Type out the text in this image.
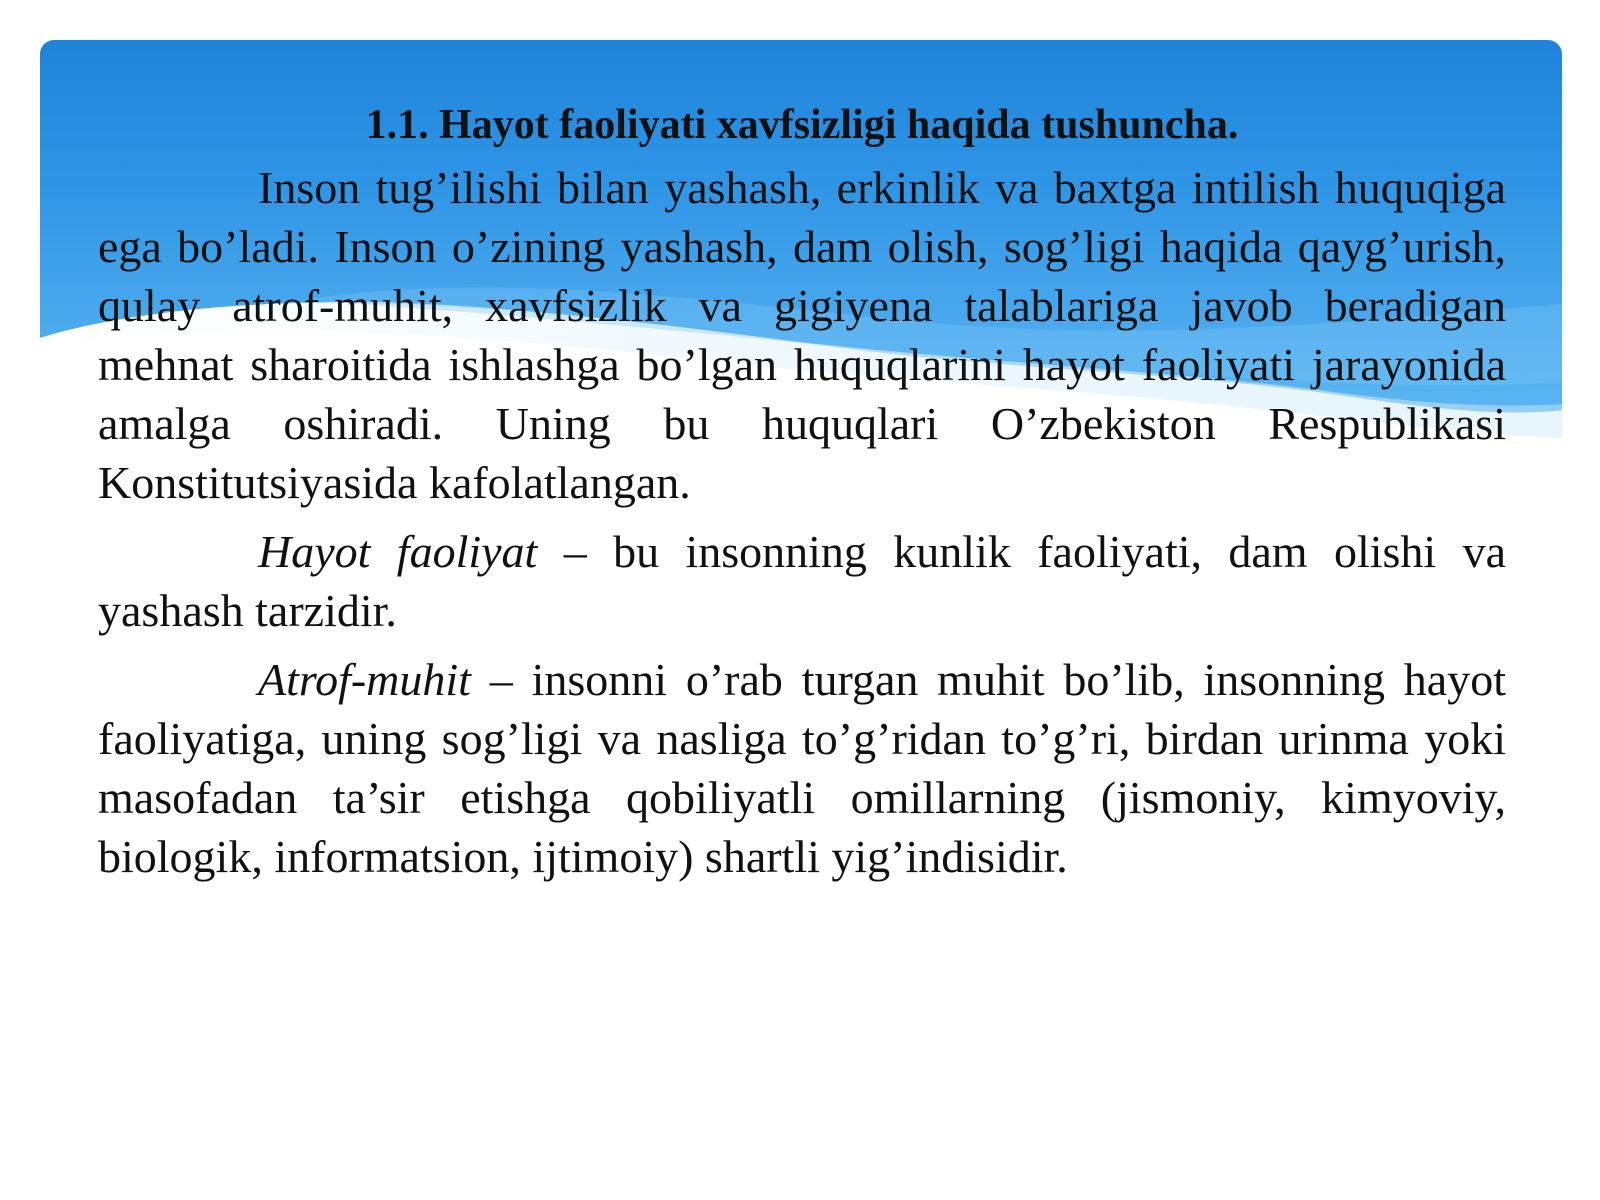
1.1. Hayot faoliyati xavfsizligi haqida tushuncha.

Inson tug’ilishi bilan yashash, erkinlik va baxtga intilish huquqiga ega bo’ladi. Inson o’zining yashash, dam olish, sog’ligi haqida qayg’urish, qulay atrof-muhit, xavfsizlik va gigiyena talablariga javob beradigan mehnat sharoitida ishlashga bo’lgan huquqlarini hayot faoliyati jarayonida amalga oshiradi. Uning bu huquqlari O’zbekiston Respublikasi Konstitutsiyasida kafolatlangan.

Hayot faoliyat – bu insonning kunlik faoliyati, dam olishi va yashash tarzidir.

Atrof-muhit – insonni o’rab turgan muhit bo’lib, insonning hayot faoliyatiga, uning sog’ligi va nasliga to’g’ridan to’g’ri, birdan urinma yoki masofadan ta’sir etishga qobiliyatli omillarning (jismoniy, kimyoviy, biologik, informatsion, ijtimoiy) shartli yig’indisidir.
